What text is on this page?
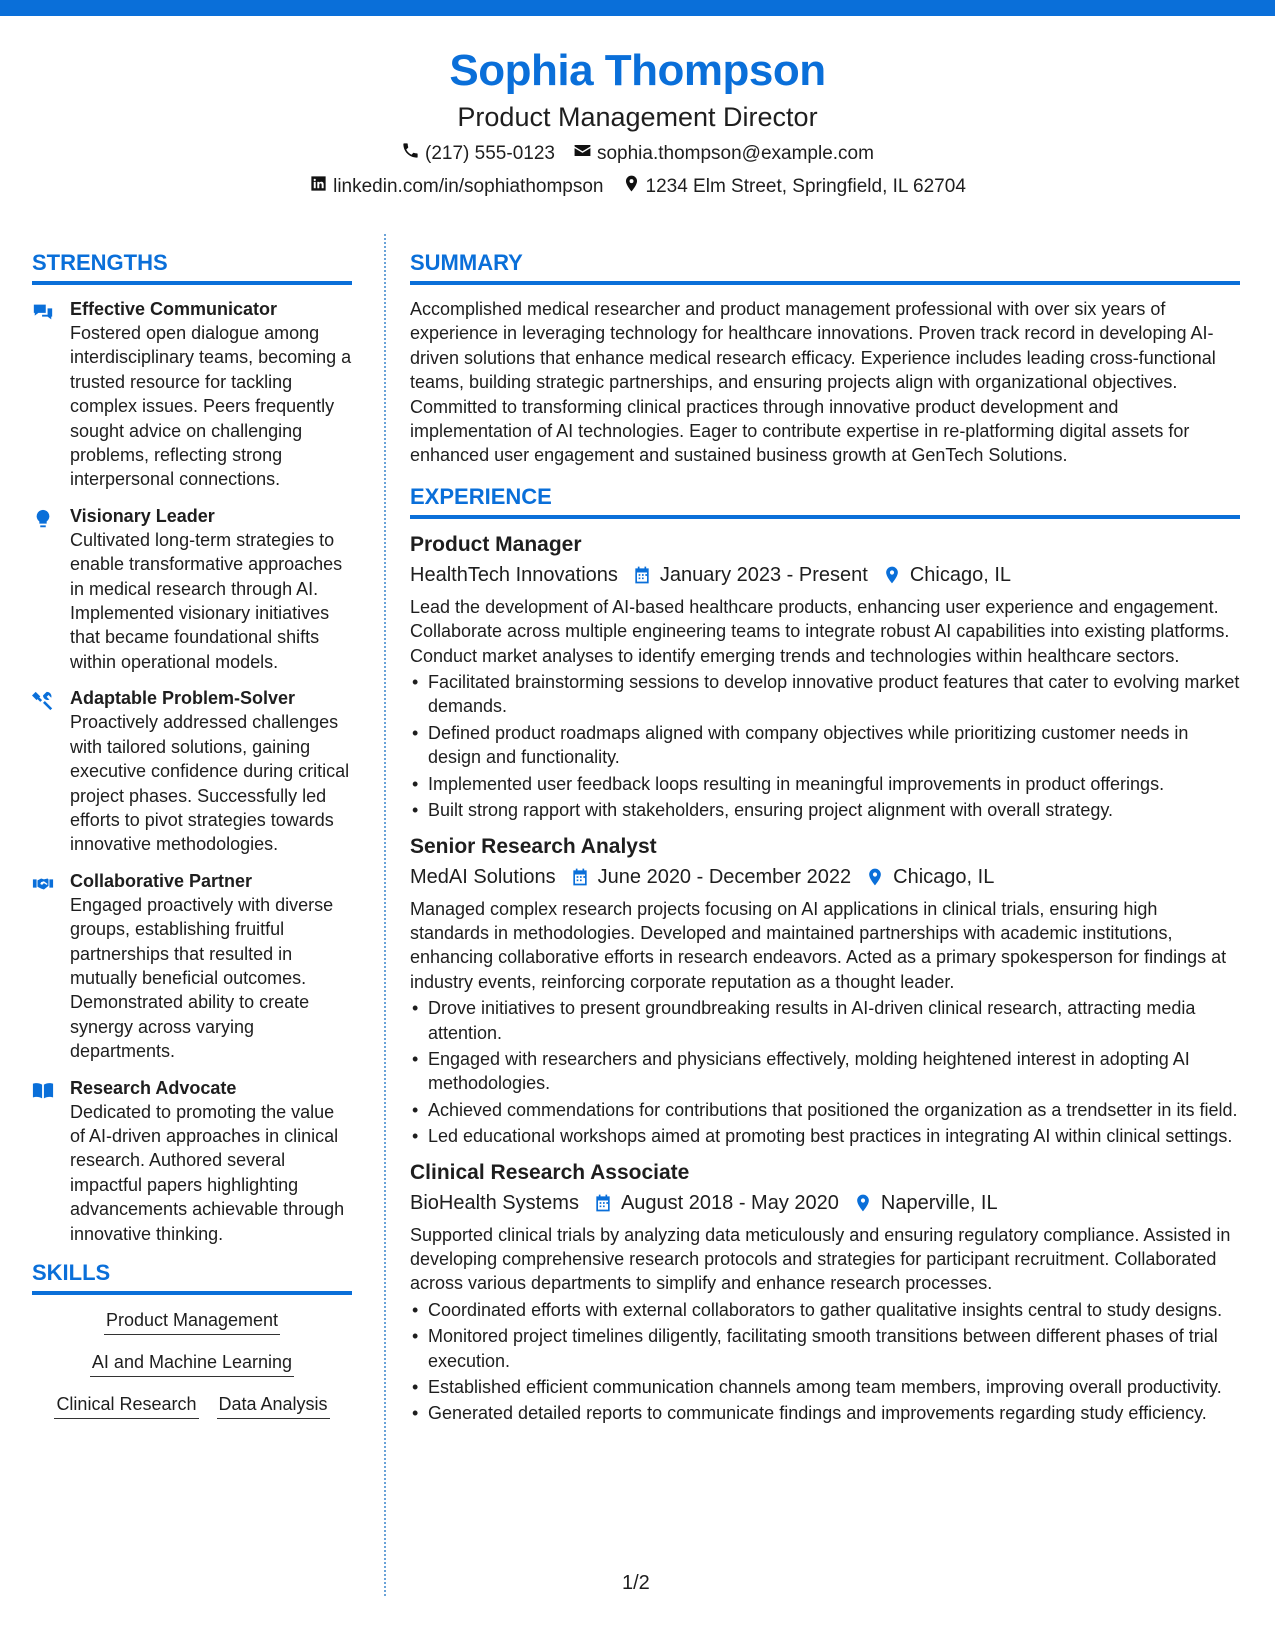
Sophia Thompson
Product Management Director
(217) 555-0123 sophia.thompson@example.com
linkedin.com/in/sophiathompson 1234 Elm Street, Springfield, IL 62704
STRENGTHS
Effective Communicator
Fostered open dialogue among interdisciplinary teams, becoming a trusted resource for tackling complex issues. Peers frequently sought advice on challenging problems, reflecting strong interpersonal connections.
Visionary Leader
Cultivated long-term strategies to enable transformative approaches in medical research through AI. Implemented visionary initiatives that became foundational shifts within operational models.
Adaptable Problem-Solver
Proactively addressed challenges with tailored solutions, gaining executive confidence during critical project phases. Successfully led efforts to pivot strategies towards innovative methodologies.
Collaborative Partner
Engaged proactively with diverse groups, establishing fruitful partnerships that resulted in mutually beneficial outcomes. Demonstrated ability to create synergy across varying departments.
Research Advocate
Dedicated to promoting the value of AI-driven approaches in clinical research. Authored several impactful papers highlighting advancements achievable through innovative thinking.
SKILLS
Product Management
AI and Machine Learning
Clinical Research Data Analysis
SUMMARY

Accomplished medical researcher and product management professional with over six years of experience in leveraging technology for healthcare innovations. Proven track record in developing AI-driven solutions that enhance medical research efficacy. Experience includes leading cross-functional teams, building strategic partnerships, and ensuring projects align with organizational objectives. Committed to transforming clinical practices through innovative product development and implementation of AI technologies. Eager to contribute expertise in re-platforming digital assets for enhanced user engagement and sustained business growth at GenTech Solutions.

EXPERIENCE
Product Manager
HealthTech Innovations January 2023 - Present Chicago, IL
Lead the development of AI-based healthcare products, enhancing user experience and engagement. Collaborate across multiple engineering teams to integrate robust AI capabilities into existing platforms. Conduct market analyses to identify emerging trends and technologies within healthcare sectors.
• Facilitated brainstorming sessions to develop innovative product features that cater to evolving market demands.
• Defined product roadmaps aligned with company objectives while prioritizing customer needs in design and functionality.
• Implemented user feedback loops resulting in meaningful improvements in product offerings.
• Built strong rapport with stakeholders, ensuring project alignment with overall strategy.
Senior Research Analyst
MedAI Solutions June 2020 - December 2022 Chicago, IL
Managed complex research projects focusing on AI applications in clinical trials, ensuring high standards in methodologies. Developed and maintained partnerships with academic institutions, enhancing collaborative efforts in research endeavors. Acted as a primary spokesperson for findings at industry events, reinforcing corporate reputation as a thought leader.
• Drove initiatives to present groundbreaking results in AI-driven clinical research, attracting media attention.
• Engaged with researchers and physicians effectively, molding heightened interest in adopting AI methodologies.
• Achieved commendations for contributions that positioned the organization as a trendsetter in its field.
• Led educational workshops aimed at promoting best practices in integrating AI within clinical settings.
Clinical Research Associate
BioHealth Systems August 2018 - May 2020 Naperville, IL
Supported clinical trials by analyzing data meticulously and ensuring regulatory compliance. Assisted in developing comprehensive research protocols and strategies for participant recruitment. Collaborated across various departments to simplify and enhance research processes.
• Coordinated efforts with external collaborators to gather qualitative insights central to study designs.
• Monitored project timelines diligently, facilitating smooth transitions between different phases of trial execution.
• Established efficient communication channels among team members, improving overall productivity.
• Generated detailed reports to communicate findings and improvements regarding study efficiency.
1/2
